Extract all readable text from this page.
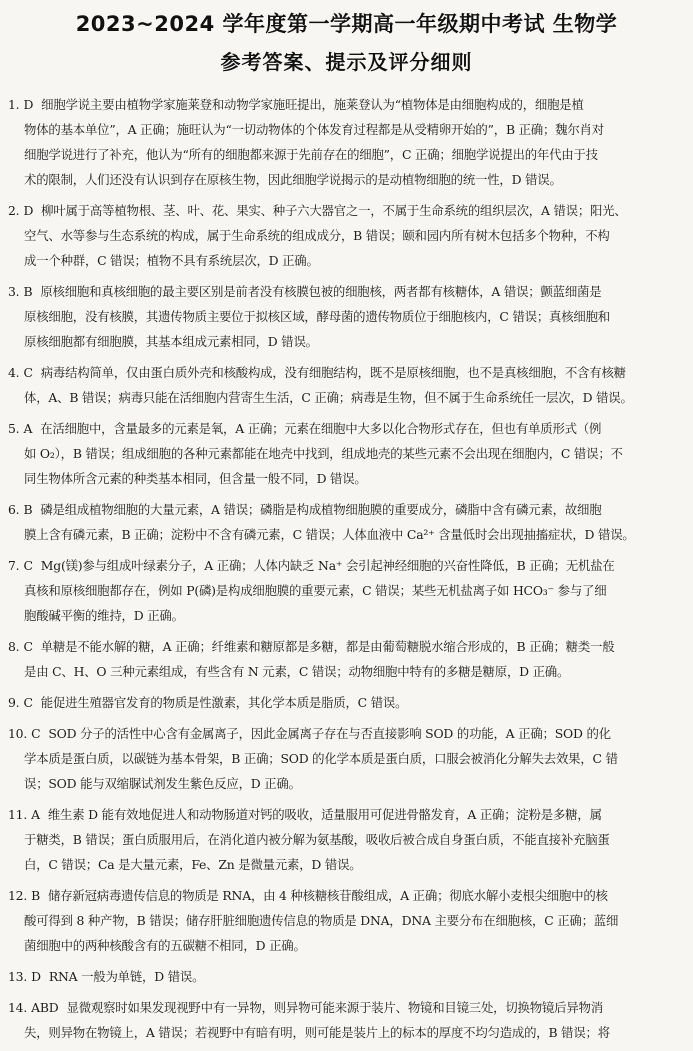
2023~2024 学年度第一学期高一年级期中考试 生物学
参考答案、提示及评分细则
1. D 细胞学说主要由植物学家施莱登和动物学家施旺提出，施莱登认为“植物体是由细胞构成的，细胞是植
物体的基本单位”，A 正确；施旺认为“一切动物体的个体发育过程都是从受精卵开始的”，B 正确；魏尔肖对
细胞学说进行了补充，他认为“所有的细胞都来源于先前存在的细胞”，C 正确；细胞学说提出的年代由于技
术的限制，人们还没有认识到存在原核生物，因此细胞学说揭示的是动植物细胞的统一性，D 错误。
2. D 柳叶属于高等植物根、茎、叶、花、果实、种子六大器官之一，不属于生命系统的组织层次，A 错误；阳光、
空气、水等参与生态系统的构成，属于生命系统的组成成分，B 错误；颐和园内所有树木包括多个物种，不构
成一个种群，C 错误；植物不具有系统层次，D 正确。
3. B 原核细胞和真核细胞的最主要区别是前者没有核膜包被的细胞核，两者都有核糖体，A 错误；颤蓝细菌是
原核细胞，没有核膜，其遗传物质主要位于拟核区域，酵母菌的遗传物质位于细胞核内，C 错误；真核细胞和
原核细胞都有细胞膜，其基本组成元素相同，D 错误。
4. C 病毒结构简单，仅由蛋白质外壳和核酸构成，没有细胞结构，既不是原核细胞，也不是真核细胞，不含有核糖
体，A、B 错误；病毒只能在活细胞内营寄生生活，C 正确；病毒是生物，但不属于生命系统任一层次，D 错误。
5. A 在活细胞中，含量最多的元素是氧，A 正确；元素在细胞中大多以化合物形式存在，但也有单质形式（例
如 O₂），B 错误；组成细胞的各种元素都能在地壳中找到，组成地壳的某些元素不会出现在细胞内，C 错误；不
同生物体所含元素的种类基本相同，但含量一般不同，D 错误。
6. B 磷是组成植物细胞的大量元素，A 错误；磷脂是构成植物细胞膜的重要成分，磷脂中含有磷元素，故细胞
膜上含有磷元素，B 正确；淀粉中不含有磷元素，C 错误；人体血液中 Ca²⁺ 含量低时会出现抽搐症状，D 错误。
7. C Mg(镁)参与组成叶绿素分子，A 正确；人体内缺乏 Na⁺ 会引起神经细胞的兴奋性降低，B 正确；无机盐在
真核和原核细胞都存在，例如 P(磷)是构成细胞膜的重要元素，C 错误；某些无机盐离子如 HCO₃⁻ 参与了细
胞酸碱平衡的维持，D 正确。
8. C 单糖是不能水解的糖，A 正确；纤维素和糖原都是多糖，都是由葡萄糖脱水缩合形成的，B 正确；糖类一般
是由 C、H、O 三种元素组成，有些含有 N 元素，C 错误；动物细胞中特有的多糖是糖原，D 正确。
9. C 能促进生殖器官发育的物质是性激素，其化学本质是脂质，C 错误。
10. C SOD 分子的活性中心含有金属离子，因此金属离子存在与否直接影响 SOD 的功能，A 正确；SOD 的化
学本质是蛋白质，以碳链为基本骨架，B 正确；SOD 的化学本质是蛋白质，口服会被消化分解失去效果，C 错
误；SOD 能与双缩脲试剂发生紫色反应，D 正确。
11. A 维生素 D 能有效地促进人和动物肠道对钙的吸收，适量服用可促进骨骼发育，A 正确；淀粉是多糖，属
于糖类，B 错误；蛋白质服用后，在消化道内被分解为氨基酸，吸收后被合成自身蛋白质，不能直接补充脑蛋
白，C 错误；Ca 是大量元素，Fe、Zn 是微量元素，D 错误。
12. B 储存新冠病毒遗传信息的物质是 RNA，由 4 种核糖核苷酸组成，A 正确；彻底水解小麦根尖细胞中的核
酸可得到 8 种产物，B 错误；储存肝脏细胞遗传信息的物质是 DNA，DNA 主要分布在细胞核，C 正确；蓝细
菌细胞中的两种核酸含有的五碳糖不相同，D 正确。
13. D RNA 一般为单链，D 错误。
14. ABD 显微观察时如果发现视野中有一异物，则异物可能来源于装片、物镜和目镜三处，切换物镜后异物消
失，则异物在物镜上，A 错误；若视野中有暗有明，则可能是装片上的标本的厚度不均匀造成的，B 错误；将
